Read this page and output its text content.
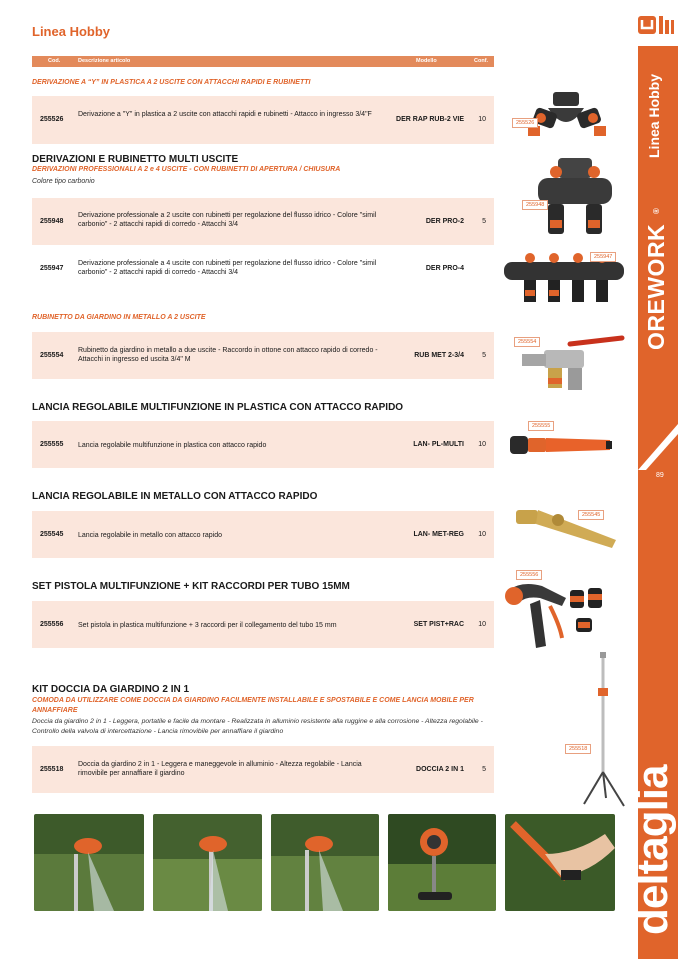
Linea Hobby
Cod.	Descrizione articolo	Modello	Conf.
DERIVAZIONE A “Y” IN PLASTICA A 2 USCITE CON ATTACCHI RAPIDI E RUBINETTI
255526
Derivazione a "Y" in plastica a 2 uscite con attacchi rapidi e rubinetti - Attacco in ingresso 3/4"F
DER RAP RUB-2 VIE 10
DERIVAZIONI E RUBINETTO MULTI USCITE
DERIVAZIONI PROFESSIONALI A 2 e 4 USCITE - CON RUBINETTI DI APERTURA / CHIUSURA
Colore tipo carbonio
255948
Derivazione professionale a 2 uscite con rubinetti per regolazione del flusso idrico - Colore "simil carbonio" - 2 attacchi rapidi di corredo - Attacchi 3/4	DER PRO-2	5
255947
Derivazione professionale a 4 uscite con rubinetti per regolazione del flusso idrico - Colore "simil carbonio" - 2 attacchi rapidi di corredo - Attacchi 3/4
DER PRO-4
RUBINETTO DA GIARDINO IN METALLO A 2 USCITE
255554
Rubinetto da giardino in metallo a due uscite - Raccordo in ottone con attacco rapido di corredo - Attacchi in ingresso ed uscita 3/4" M
RUB MET 2-3/4	5
LANCIA REGOLABILE MULTIFUNZIONE IN PLASTICA CON ATTACCO RAPIDO
255555 Lancia regolabile multifunzione in plastica con attacco rapido	LAN- PL-MULTI 10
LANCIA REGOLABILE IN METALLO CON ATTACCO RAPIDO
255545 Lancia regolabile in metallo con attacco rapido	LAN- MET-REG 10
SET PISTOLA MULTIFUNZIONE + KIT RACCORDI PER TUBO 15MM
255556 Set pistola in plastica multifunzione + 3 raccordi per il collegamento del tubo 15 mm	SET PIST+RAC 10
KIT DOCCIA DA GIARDINO 2 IN 1
COMODA DA UTILIZZARE COME DOCCIA DA GIARDINO FACILMENTE INSTALLABILE E SPOSTABILE E COME LANCIA MOBILE PER ANNAFFIARE
Doccia da giardino 2 in 1 - Leggera, portatile e facile da montare - Realizzata in alluminio resistente alla ruggine e alla corrosione - Altezza regolabile - Controllo della valvola di intercettazione - Lancia rimovibile per annaffiare il giardino
255518
Doccia da giardino 2 in 1 - Leggera e maneggevole in alluminio - Altezza regolabile - Lancia rimovibile per annaffiare il giardino
DOCCIA 2 IN 1	5
255526
255948
255947
255554
255555
255545
255556
255518
Linea Hobby
OREWORK
®
89
deltaglia
